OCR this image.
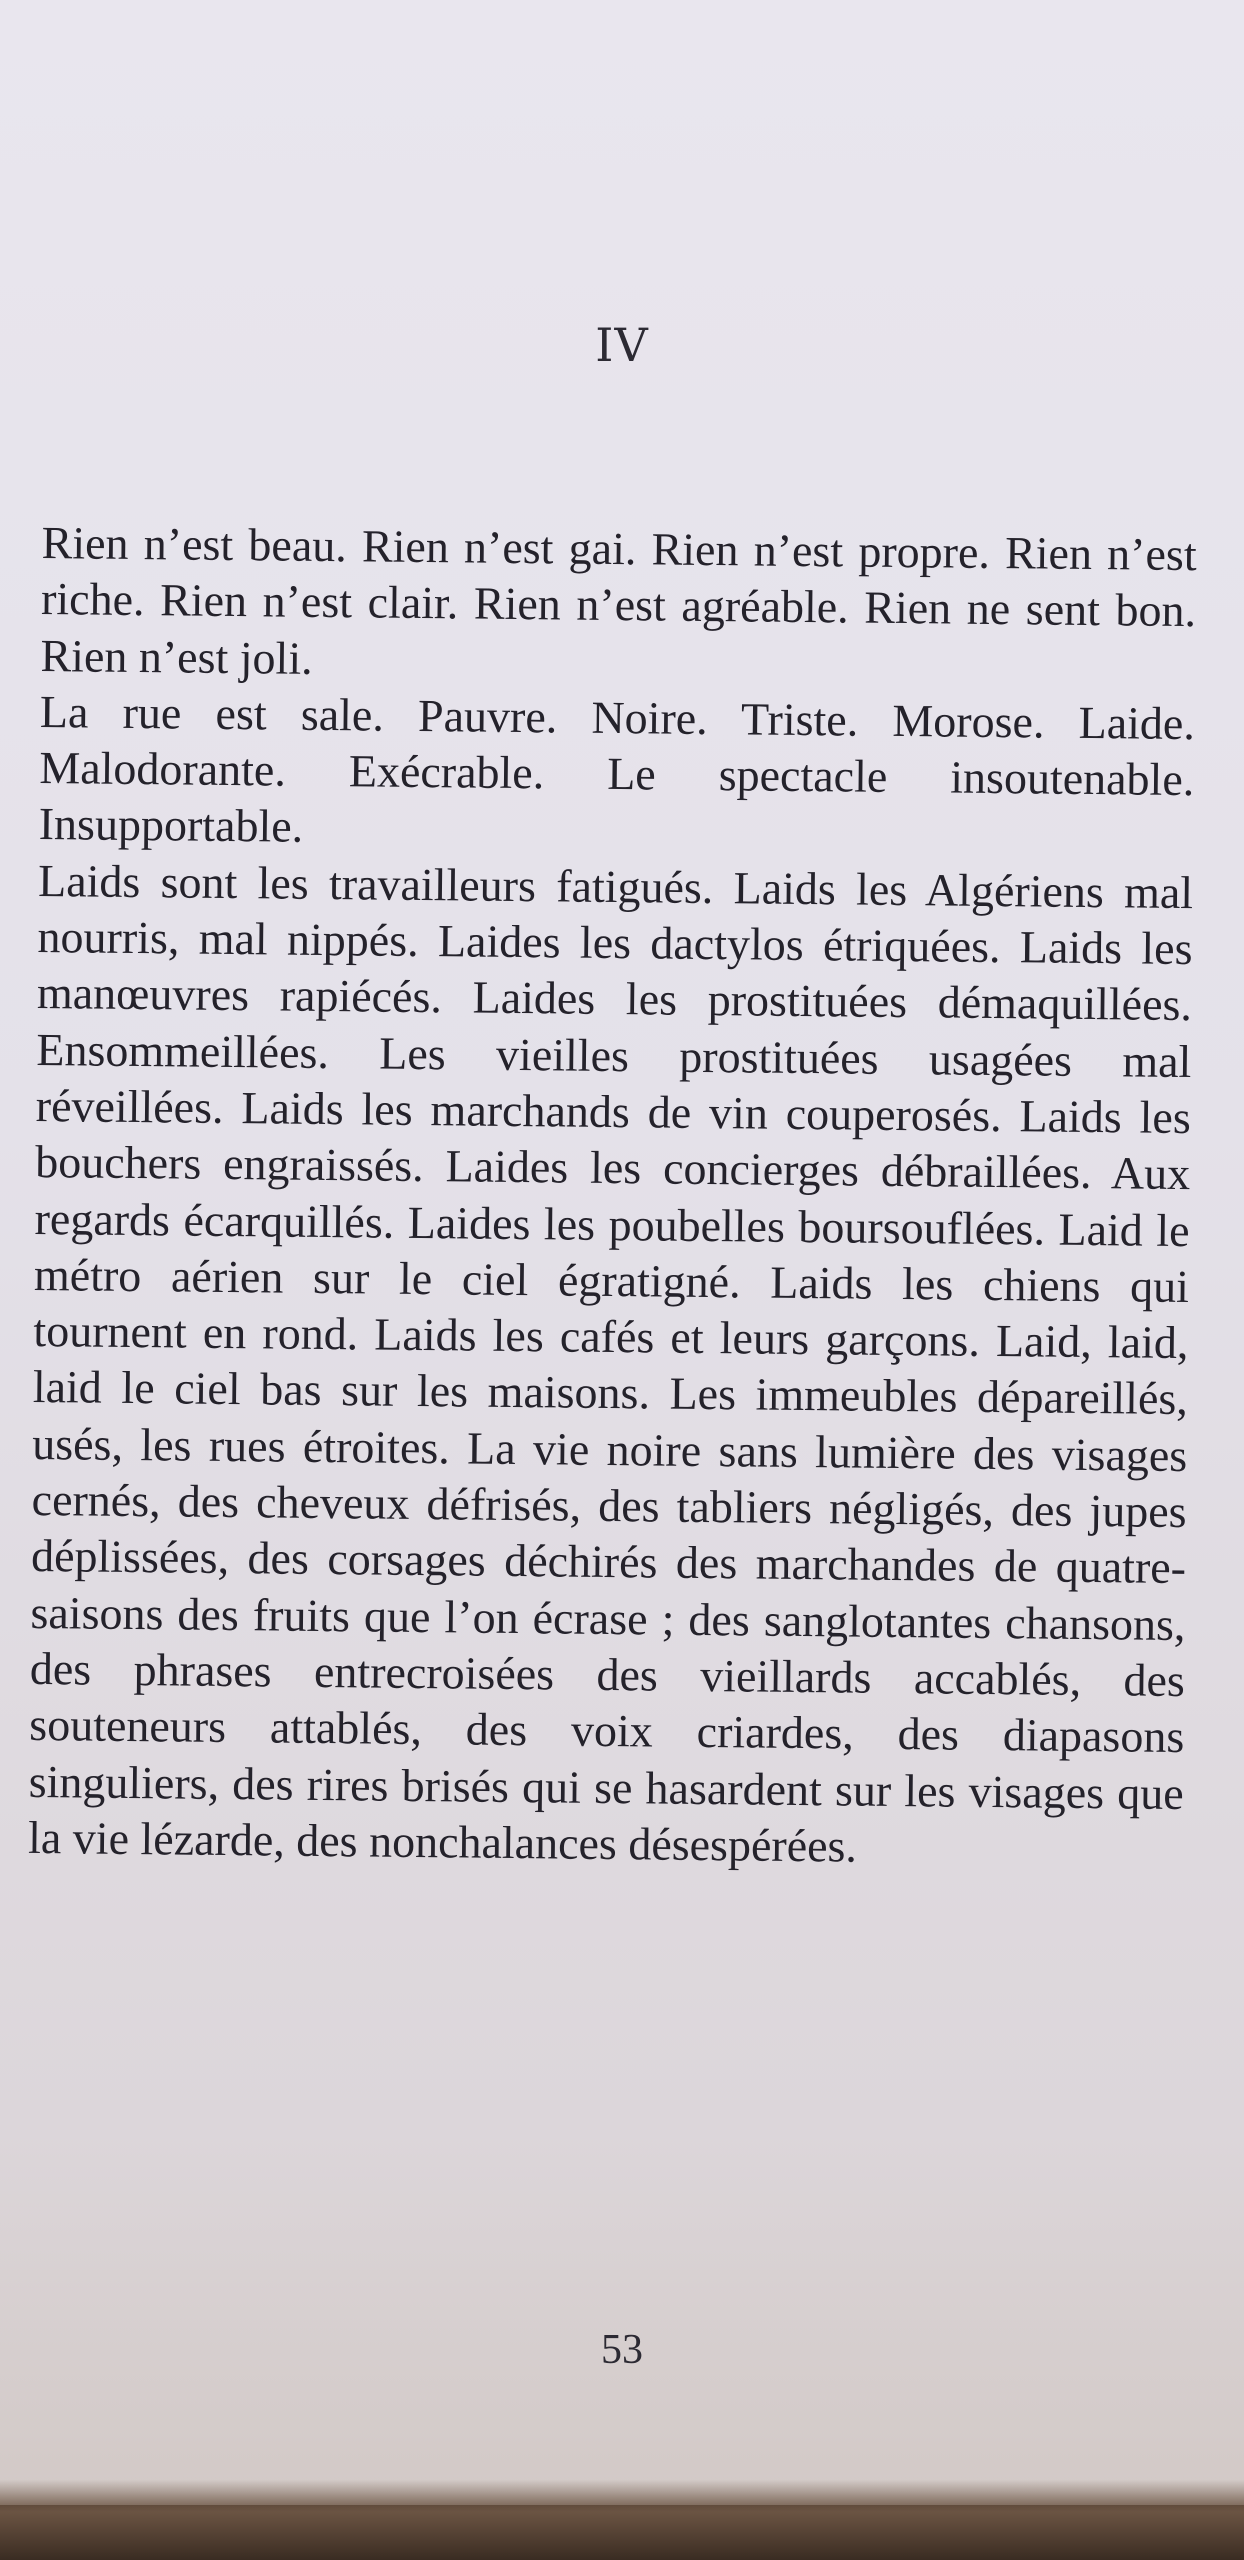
IV

Rien n’est beau. Rien n’est gai. Rien n’est propre. Rien n’est riche. Rien n’est clair. Rien n’est agréable. Rien ne sent bon. Rien n’est joli.

La rue est sale. Pauvre. Noire. Triste. Morose. Laide. Malodorante. Exécrable. Le spectacle insoutenable. Insupportable.

Laids sont les travailleurs fatigués. Laids les Algériens mal nourris, mal nippés. Laides les dactylos étriquées. Laids les manœuvres rapiécés. Laides les prostituées démaquillées. Ensommeillées. Les vieilles prostituées usagées mal réveillées. Laids les marchands de vin couperosés. Laids les bouchers engraissés. Laides les concierges débraillées. Aux regards écarquillés. Laides les poubelles boursouflées. Laid le métro aérien sur le ciel égratigné. Laids les chiens qui tournent en rond. Laids les cafés et leurs garçons. Laid, laid, laid le ciel bas sur les maisons. Les immeubles dépareillés, usés, les rues étroites. La vie noire sans lumière des visages cernés, des cheveux défrisés, des tabliers négligés, des jupes déplissées, des corsages déchirés des marchandes de quatre-saisons des fruits que l’on écrase ; des sanglotantes chansons, des phrases entrecroisées des vieillards accablés, des souteneurs attablés, des voix criardes, des diapasons singuliers, des rires brisés qui se hasardent sur les visages que la vie lézarde, des nonchalances désespérées.

53
